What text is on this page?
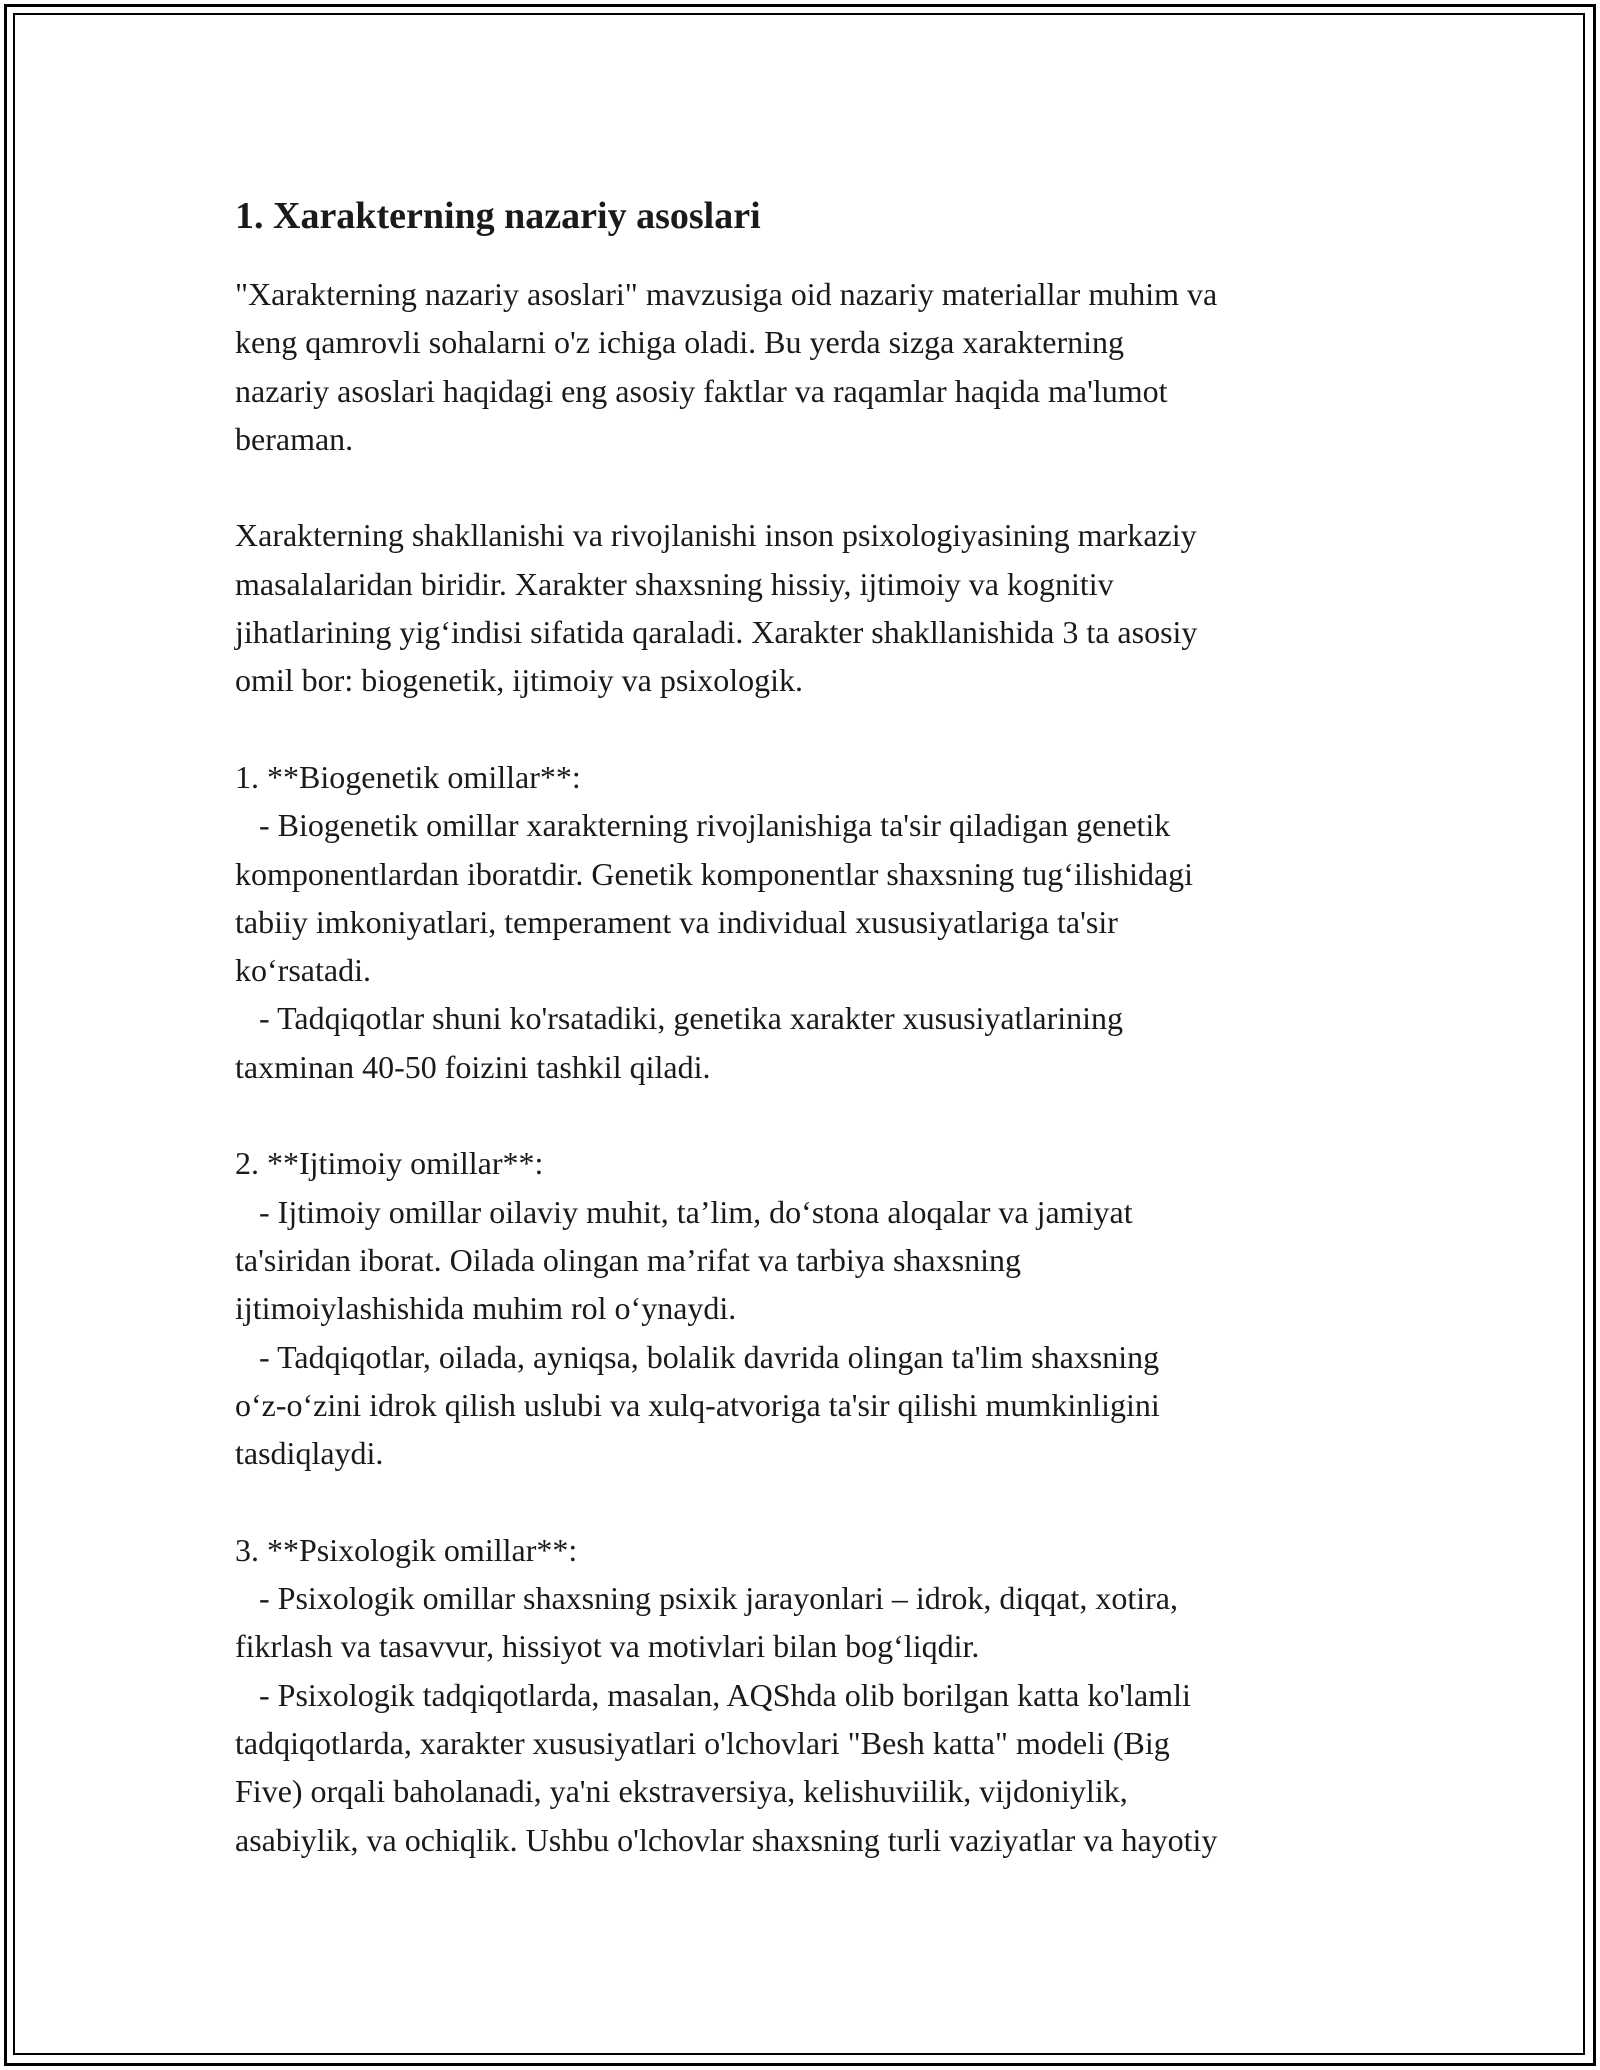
1. Xarakterning nazariy asoslari

"Xarakterning nazariy asoslari" mavzusiga oid nazariy materiallar muhim va
keng qamrovli sohalarni o'z ichiga oladi. Bu yerda sizga xarakterning
nazariy asoslari haqidagi eng asosiy faktlar va raqamlar haqida ma'lumot
beraman.

Xarakterning shakllanishi va rivojlanishi inson psixologiyasining markaziy
masalalaridan biridir. Xarakter shaxsning hissiy, ijtimoiy va kognitiv
jihatlarining yig‘indisi sifatida qaraladi. Xarakter shakllanishida 3 ta asosiy
omil bor: biogenetik, ijtimoiy va psixologik.

1. **Biogenetik omillar**:
- Biogenetik omillar xarakterning rivojlanishiga ta'sir qiladigan genetik
komponentlardan iboratdir. Genetik komponentlar shaxsning tug‘ilishidagi
tabiiy imkoniyatlari, temperament va individual xususiyatlariga ta'sir
ko‘rsatadi.
- Tadqiqotlar shuni ko'rsatadiki, genetika xarakter xususiyatlarining
taxminan 40-50 foizini tashkil qiladi.

2. **Ijtimoiy omillar**:
- Ijtimoiy omillar oilaviy muhit, ta’lim, do‘stona aloqalar va jamiyat
ta'siridan iborat. Oilada olingan ma’rifat va tarbiya shaxsning
ijtimoiylashishida muhim rol o‘ynaydi.
- Tadqiqotlar, oilada, ayniqsa, bolalik davrida olingan ta'lim shaxsning
o‘z-o‘zini idrok qilish uslubi va xulq-atvoriga ta'sir qilishi mumkinligini
tasdiqlaydi.

3. **Psixologik omillar**:
- Psixologik omillar shaxsning psixik jarayonlari – idrok, diqqat, xotira,
fikrlash va tasavvur, hissiyot va motivlari bilan bog‘liqdir.
- Psixologik tadqiqotlarda, masalan, AQShda olib borilgan katta ko'lamli
tadqiqotlarda, xarakter xususiyatlari o'lchovlari "Besh katta" modeli (Big
Five) orqali baholanadi, ya'ni ekstraversiya, kelishuviilik, vijdoniylik,
asabiylik, va ochiqlik. Ushbu o'lchovlar shaxsning turli vaziyatlar va hayotiy
